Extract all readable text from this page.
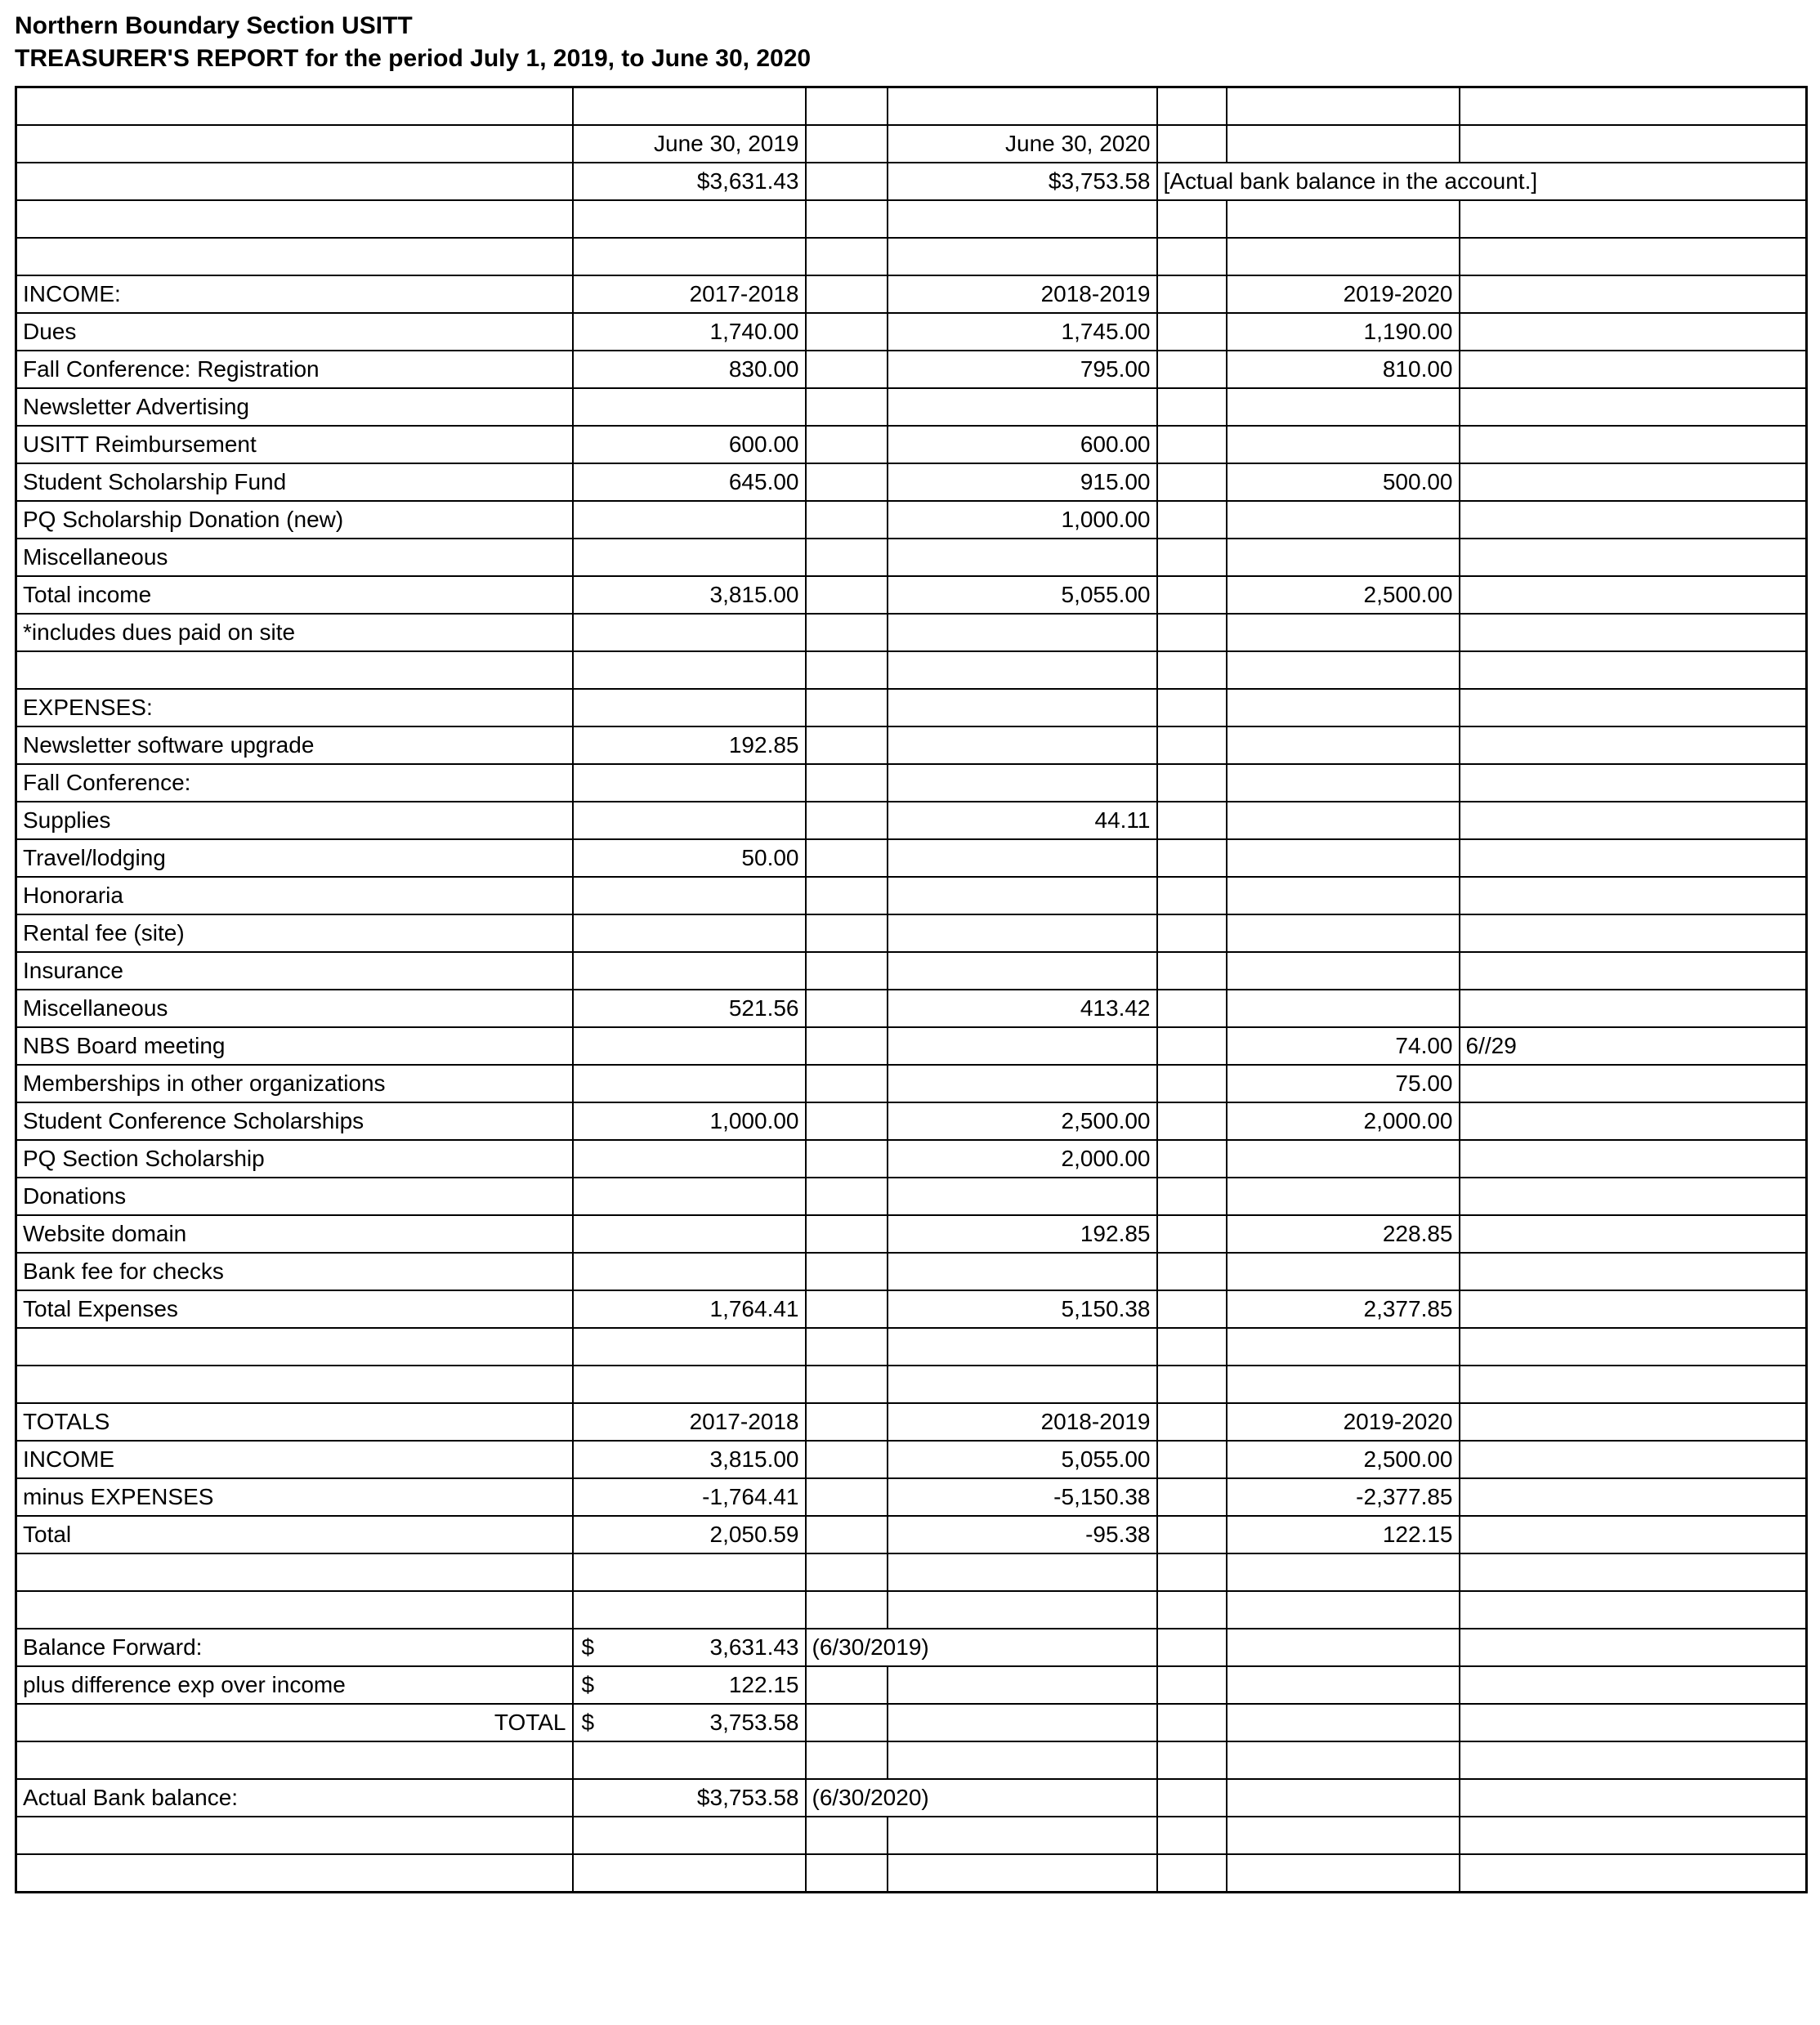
Northern Boundary Section USITT
TREASURER'S REPORT for the period July 1, 2019, to June 30, 2020

	June 30, 2019		June 30, 2020			
	$3,631.43		$3,753.58	[Actual bank balance in the account.]		

INCOME:	2017-2018		2018-2019		2019-2020	
Dues	1,740.00		1,745.00		1,190.00	
Fall Conference: Registration	830.00		795.00		810.00	
Newsletter Advertising						
USITT Reimbursement	600.00		600.00			
Student Scholarship Fund	645.00		915.00		500.00	
PQ Scholarship Donation (new)			1,000.00			
Miscellaneous						
Total income	3,815.00		5,055.00		2,500.00	
*includes dues paid on site						

EXPENSES:						
Newsletter software upgrade	192.85					
Fall Conference:						
Supplies			44.11			
Travel/lodging	50.00					
Honoraria						
Rental fee (site)						
Insurance						
Miscellaneous	521.56		413.42			
NBS Board meeting					74.00	6//29
Memberships in other organizations					75.00	
Student Conference Scholarships	1,000.00		2,500.00		2,000.00	
PQ Section Scholarship			2,000.00			
Donations						
Website domain			192.85		228.85	
Bank fee for checks						
Total Expenses	1,764.41		5,150.38		2,377.85	

TOTALS	2017-2018		2018-2019		2019-2020	
INCOME	3,815.00		5,055.00		2,500.00	
minus EXPENSES	-1,764.41		-5,150.38		-2,377.85	
Total	2,050.59		-95.38		122.15	

Balance Forward:	$ 3,631.43	(6/30/2019)				
plus difference exp over income	$ 122.15					
TOTAL	$ 3,753.58					

Actual Bank balance:	$3,753.58	(6/30/2020)				
